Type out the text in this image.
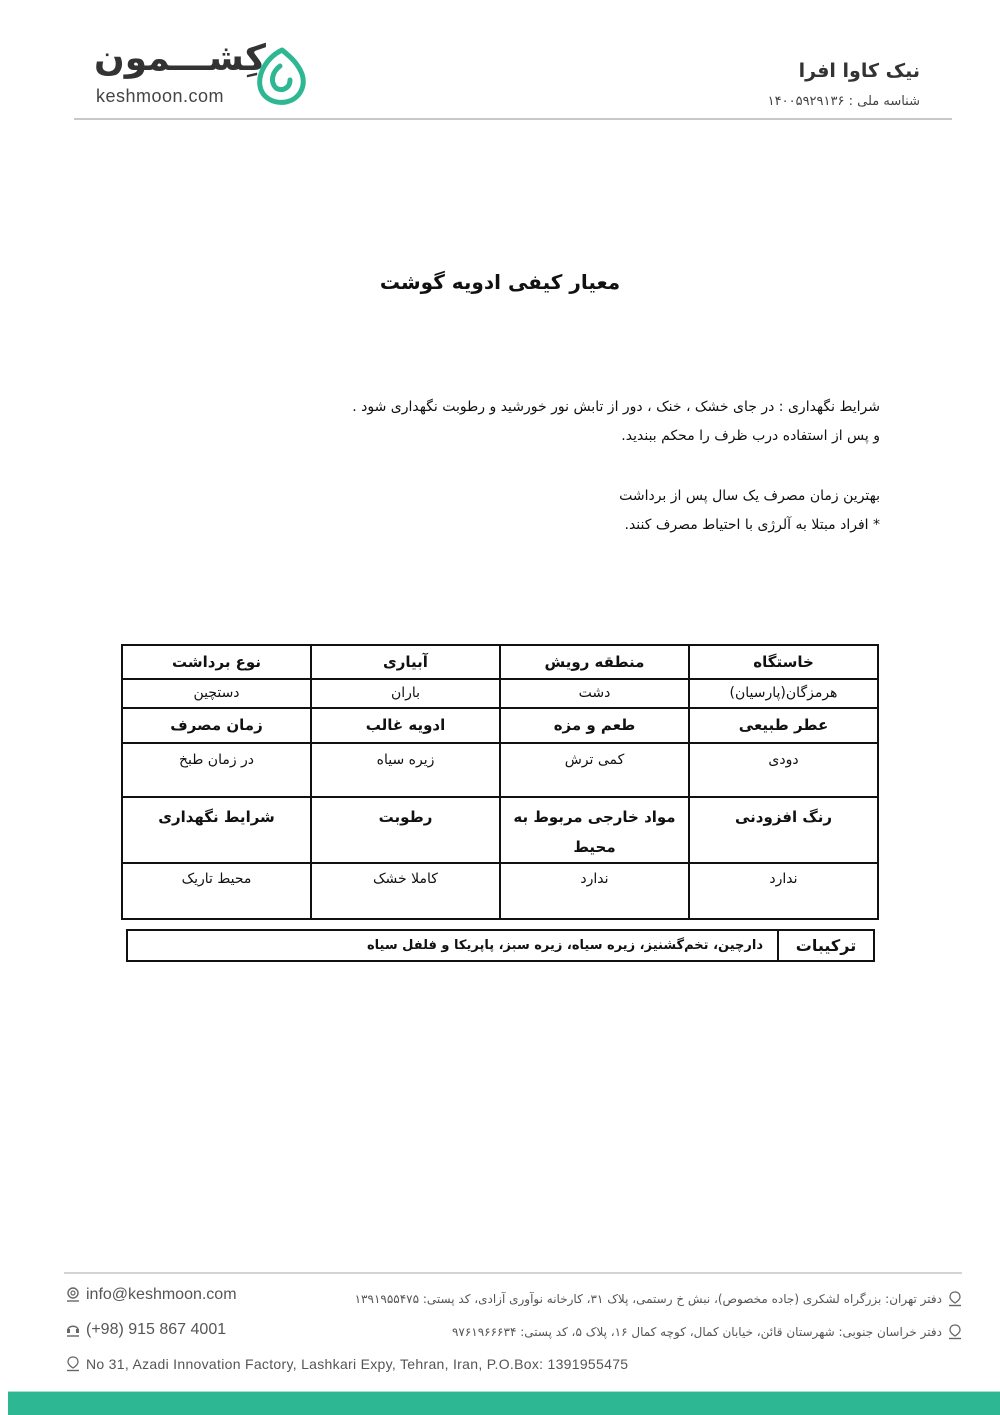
کِشـــمون
keshmoon.com
نیک کاوا افرا
شناسه ملی : ۱۴۰۰۵۹۲۹۱۳۶
معیار کیفی ادویه گوشت
شرایط نگهداری : در جای خشک ، خنک ، دور از تابش نور خورشید و رطوبت نگهداری شود .
و پس از استفاده درب ظرف را محکم ببندید.
بهترین زمان مصرف یک سال پس از برداشت
* افراد مبتلا به آلرژی با احتیاط مصرف کنند.
خاستگاه	منطقه رویش	آبیاری	نوع برداشت
هرمزگان(پارسیان)	دشت	باران	دستچین
عطر طبیعی	طعم و مزه	ادویه غالب	زمان مصرف
دودی	کمی ترش	زیره سیاه	در زمان طبخ
رنگ افزودنی	مواد خارجی مربوط به محیط	رطوبت	شرایط نگهداری
ندارد	ندارد	کاملا خشک	محیط تاریک
ترکیبات
دارچین، تخم‌گشنیز، زیره سیاه، زیره سبز، پاپریکا و فلفل سیاه
info@keshmoon.com
(+98) 915 867 4001
No 31, Azadi Innovation Factory, Lashkari Expy, Tehran, Iran, P.O.Box: 1391955475
دفتر تهران: بزرگراه لشکری (جاده مخصوص)، نبش خ رستمی، پلاک ۳۱، کارخانه نوآوری آزادی، کد پستی: ۱۳۹۱۹۵۵۴۷۵
دفتر خراسان جنوبی: شهرستان قائن، خیابان کمال، کوچه کمال ۱۶، پلاک ۵، کد پستی: ۹۷۶۱۹۶۶۶۳۴
